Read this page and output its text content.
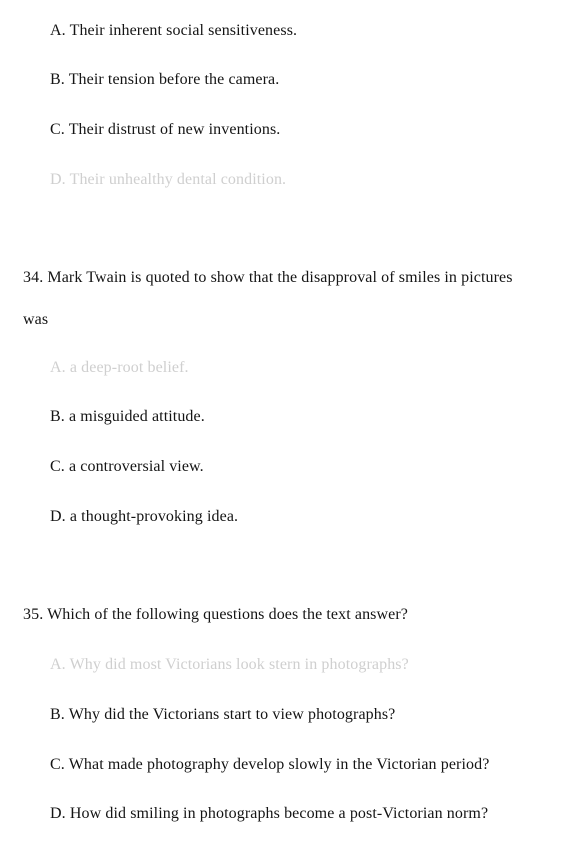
A. Their inherent social sensitiveness.
B. Their tension before the camera.
C. Their distrust of new inventions.
D. Their unhealthy dental condition.
34. Mark Twain is quoted to show that the disapproval of smiles in pictures
was
A. a deep-root belief.
B. a misguided attitude.
C. a controversial view.
D. a thought-provoking idea.
35. Which of the following questions does the text answer?
A. Why did most Victorians look stern in photographs?
B. Why did the Victorians start to view photographs?
C. What made photography develop slowly in the Victorian period?
D. How did smiling in photographs become a post-Victorian norm?
